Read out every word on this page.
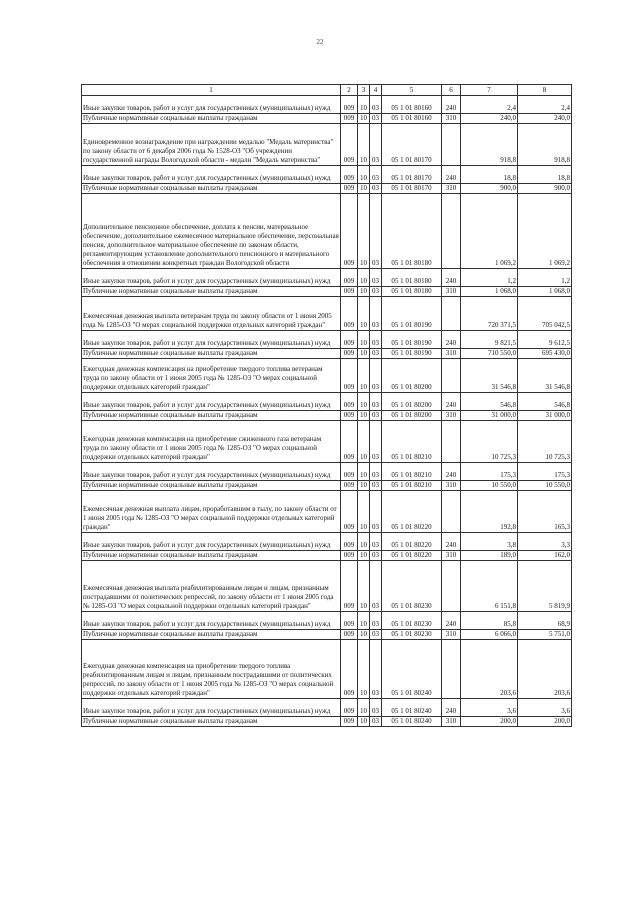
22
1	2	3	4	5	6	7	8
Иные закупки товаров, работ и услуг для государственных (муниципальных) нужд	009	10	03	05 1 01 80160	240	2,4	2,4
Публичные нормативные социальные выплаты гражданам	009	10	03	05 1 01 80160	310	240,0	240,0
Единовременное вознаграждение при награждении медалью "Медаль материнства" по закону области от 6 декабря 2006 года № 1528-ОЗ "Об учреждении государственной награды Вологодской области - медали "Медаль материнства"	009	10	03	05 1 01 80170		918,8	918,8
Иные закупки товаров, работ и услуг для государственных (муниципальных) нужд	009	10	03	05 1 01 80170	240	18,8	18,8
Публичные нормативные социальные выплаты гражданам	009	10	03	05 1 01 80170	310	900,0	900,0
Дополнительное пенсионное обеспечение, доплата к пенсии, материальное обеспечение, дополнительное ежемесячное материальное обеспечение, персональная пенсия, дополнительное материальное обеспечение по законам области, регламентирующим установление дополнительного пенсионного и материального обеспечения в отношении конкретных граждан Вологодской области	009	10	03	05 1 01 80180		1 069,2	1 069,2
Иные закупки товаров, работ и услуг для государственных (муниципальных) нужд	009	10	03	05 1 01 80180	240	1,2	1,2
Публичные нормативные социальные выплаты гражданам	009	10	03	05 1 01 80180	310	1 068,0	1 068,0
Ежемесячная денежная выплата ветеранам труда по закону области от 1 июня 2005 года № 1285-ОЗ "О мерах социальной поддержки отдельных категорий граждан"	009	10	03	05 1 01 80190		720 371,5	705 042,5
Иные закупки товаров, работ и услуг для государственных (муниципальных) нужд	009	10	03	05 1 01 80190	240	9 821,5	9 612,5
Публичные нормативные социальные выплаты гражданам	009	10	03	05 1 01 80190	310	710 550,0	695 430,0
Ежегодная денежная компенсация на приобретение твердого топлива ветеранам труда по закону области от 1 июня 2005 года № 1285-ОЗ "О мерах социальной поддержки отдельных категорий граждан"	009	10	03	05 1 01 80200		31 546,8	31 546,8
Иные закупки товаров, работ и услуг для государственных (муниципальных) нужд	009	10	03	05 1 01 80200	240	546,8	546,8
Публичные нормативные социальные выплаты гражданам	009	10	03	05 1 01 80200	310	31 000,0	31 000,0
Ежегодная денежная компенсация на приобретение сжиженного газа ветеранам труда по закону области от 1 июня 2005 года № 1285-ОЗ "О мерах социальной поддержки отдельных категорий граждан"	009	10	03	05 1 01 80210		10 725,3	10 725,3
Иные закупки товаров, работ и услуг для государственных (муниципальных) нужд	009	10	03	05 1 01 80210	240	175,3	175,3
Публичные нормативные социальные выплаты гражданам	009	10	03	05 1 01 80210	310	10 550,0	10 550,0
Ежемесячная денежная выплата лицам, проработавшим в тылу, по закону области от 1 июня 2005 года № 1285-ОЗ "О мерах социальной поддержки отдельных категорий граждан"	009	10	03	05 1 01 80220		192,8	165,3
Иные закупки товаров, работ и услуг для государственных (муниципальных) нужд	009	10	03	05 1 01 80220	240	3,8	3,3
Публичные нормативные социальные выплаты гражданам	009	10	03	05 1 01 80220	310	189,0	162,0
Ежемесячная денежная выплата реабилитированным лицам и лицам, признанным пострадавшими от политических репрессий, по закону области от 1 июня 2005 года № 1285-ОЗ "О мерах социальной поддержки отдельных категорий граждан"	009	10	03	05 1 01 80230		6 151,8	5 819,9
Иные закупки товаров, работ и услуг для государственных (муниципальных) нужд	009	10	03	05 1 01 80230	240	85,8	68,9
Публичные нормативные социальные выплаты гражданам	009	10	03	05 1 01 80230	310	6 066,0	5 751,0
Ежегодная денежная компенсация на приобретение твердого топлива реабилитированным лицам и лицам, признанным пострадавшими от политических репрессий, по закону области от 1 июня 2005 года № 1285-ОЗ "О мерах социальной поддержки отдельных категорий граждан"	009	10	03	05 1 01 80240		203,6	203,6
Иные закупки товаров, работ и услуг для государственных (муниципальных) нужд	009	10	03	05 1 01 80240	240	3,6	3,6
Публичные нормативные социальные выплаты гражданам	009	10	03	05 1 01 80240	310	200,0	200,0
